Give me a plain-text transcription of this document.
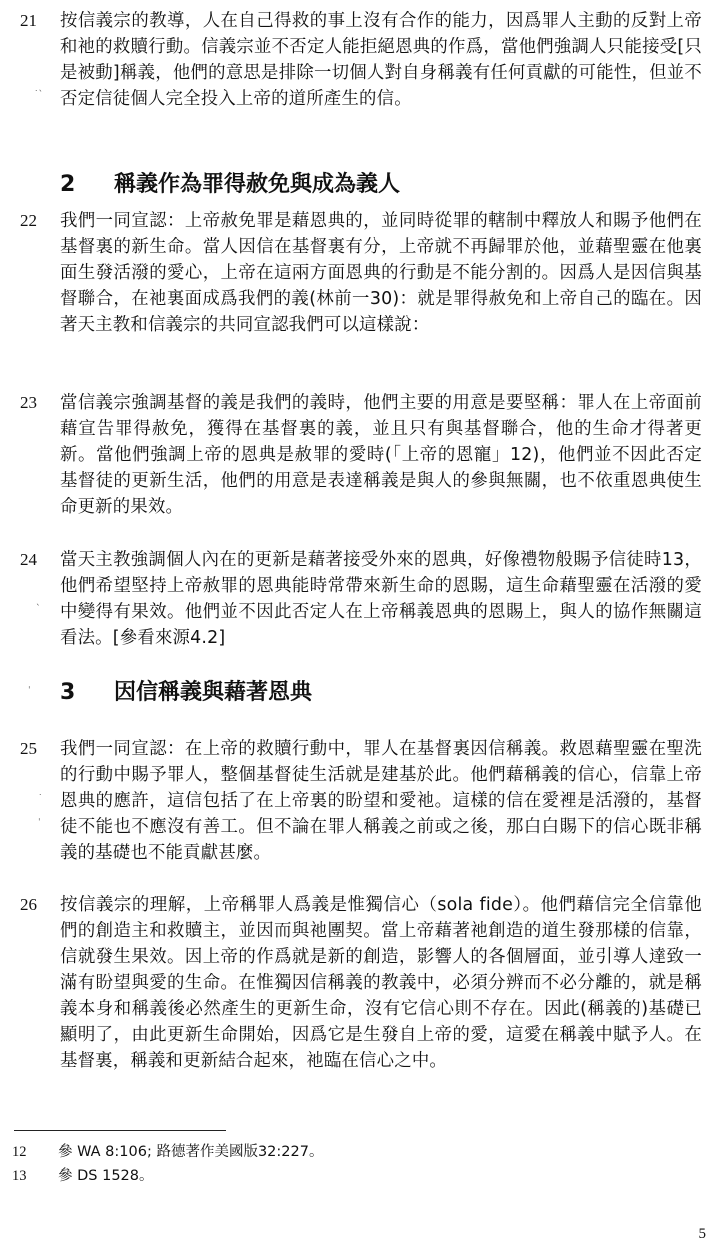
21	按信義宗的教導，人在自己得救的事上沒有合作的能力，因爲罪人主動的反對上帝和祂的救贖行動。信義宗並不否定人能拒絕恩典的作爲，當他們強調人只能接受[只是被動]稱義，他們的意思是排除一切個人對自身稱義有任何貢獻的可能性，但並不否定信徒個人完全投入上帝的道所產生的信。
2 稱義作為罪得赦免與成為義人
22	我們一同宣認：上帝赦免罪是藉恩典的，並同時從罪的轄制中釋放人和賜予他們在基督裏的新生命。當人因信在基督裏有分，上帝就不再歸罪於他，並藉聖靈在他裏面生發活潑的愛心，上帝在這兩方面恩典的行動是不能分割的。因爲人是因信與基督聯合，在祂裏面成爲我們的義(林前一30)：就是罪得赦免和上帝自己的臨在。因著天主教和信義宗的共同宣認我們可以這樣說：
23	當信義宗強調基督的義是我們的義時，他們主要的用意是要堅稱：罪人在上帝面前藉宣告罪得赦免，獲得在基督裏的義，並且只有與基督聯合，他的生命才得著更新。當他們強調上帝的恩典是赦罪的愛時(「上帝的恩寵」12)，他們並不因此否定基督徒的更新生活，他們的用意是表達稱義是與人的參與無關，也不依重恩典使生命更新的果效。
24	當天主教強調個人內在的更新是藉著接受外來的恩典，好像禮物般賜予信徒時13，他們希望堅持上帝赦罪的恩典能時常帶來新生命的恩賜，這生命藉聖靈在活潑的愛中變得有果效。他們並不因此否定人在上帝稱義恩典的恩賜上，與人的協作無關這看法。[參看來源4.2]
3 因信稱義與藉著恩典
25	我們一同宣認：在上帝的救贖行動中，罪人在基督裏因信稱義。救恩藉聖靈在聖洗的行動中賜予罪人，整個基督徒生活就是建基於此。他們藉稱義的信心，信靠上帝恩典的應許，這信包括了在上帝裏的盼望和愛祂。這樣的信在愛裡是活潑的，基督徒不能也不應沒有善工。但不論在罪人稱義之前或之後，那白白賜下的信心既非稱義的基礎也不能貢獻甚麼。
26	按信義宗的理解，上帝稱罪人爲義是惟獨信心（sola fide）。他們藉信完全信靠他們的創造主和救贖主，並因而與祂團契。當上帝藉著祂創造的道生發那樣的信靠，信就發生果效。因上帝的作爲就是新的創造，影響人的各個層面，並引導人達致一滿有盼望與愛的生命。在惟獨因信稱義的教義中，必須分辨而不必分離的，就是稱義本身和稱義後必然產生的更新生命，沒有它信心則不存在。因此(稱義的)基礎已顯明了，由此更新生命開始，因爲它是生發自上帝的愛，這愛在稱義中賦予人。在基督裏，稱義和更新結合起來，祂臨在信心之中。
12 參 WA 8:106; 路德著作美國版32:227。
13 參 DS 1528。
5
˙ˋ
ˋ
ˈ
˙
ˈ
